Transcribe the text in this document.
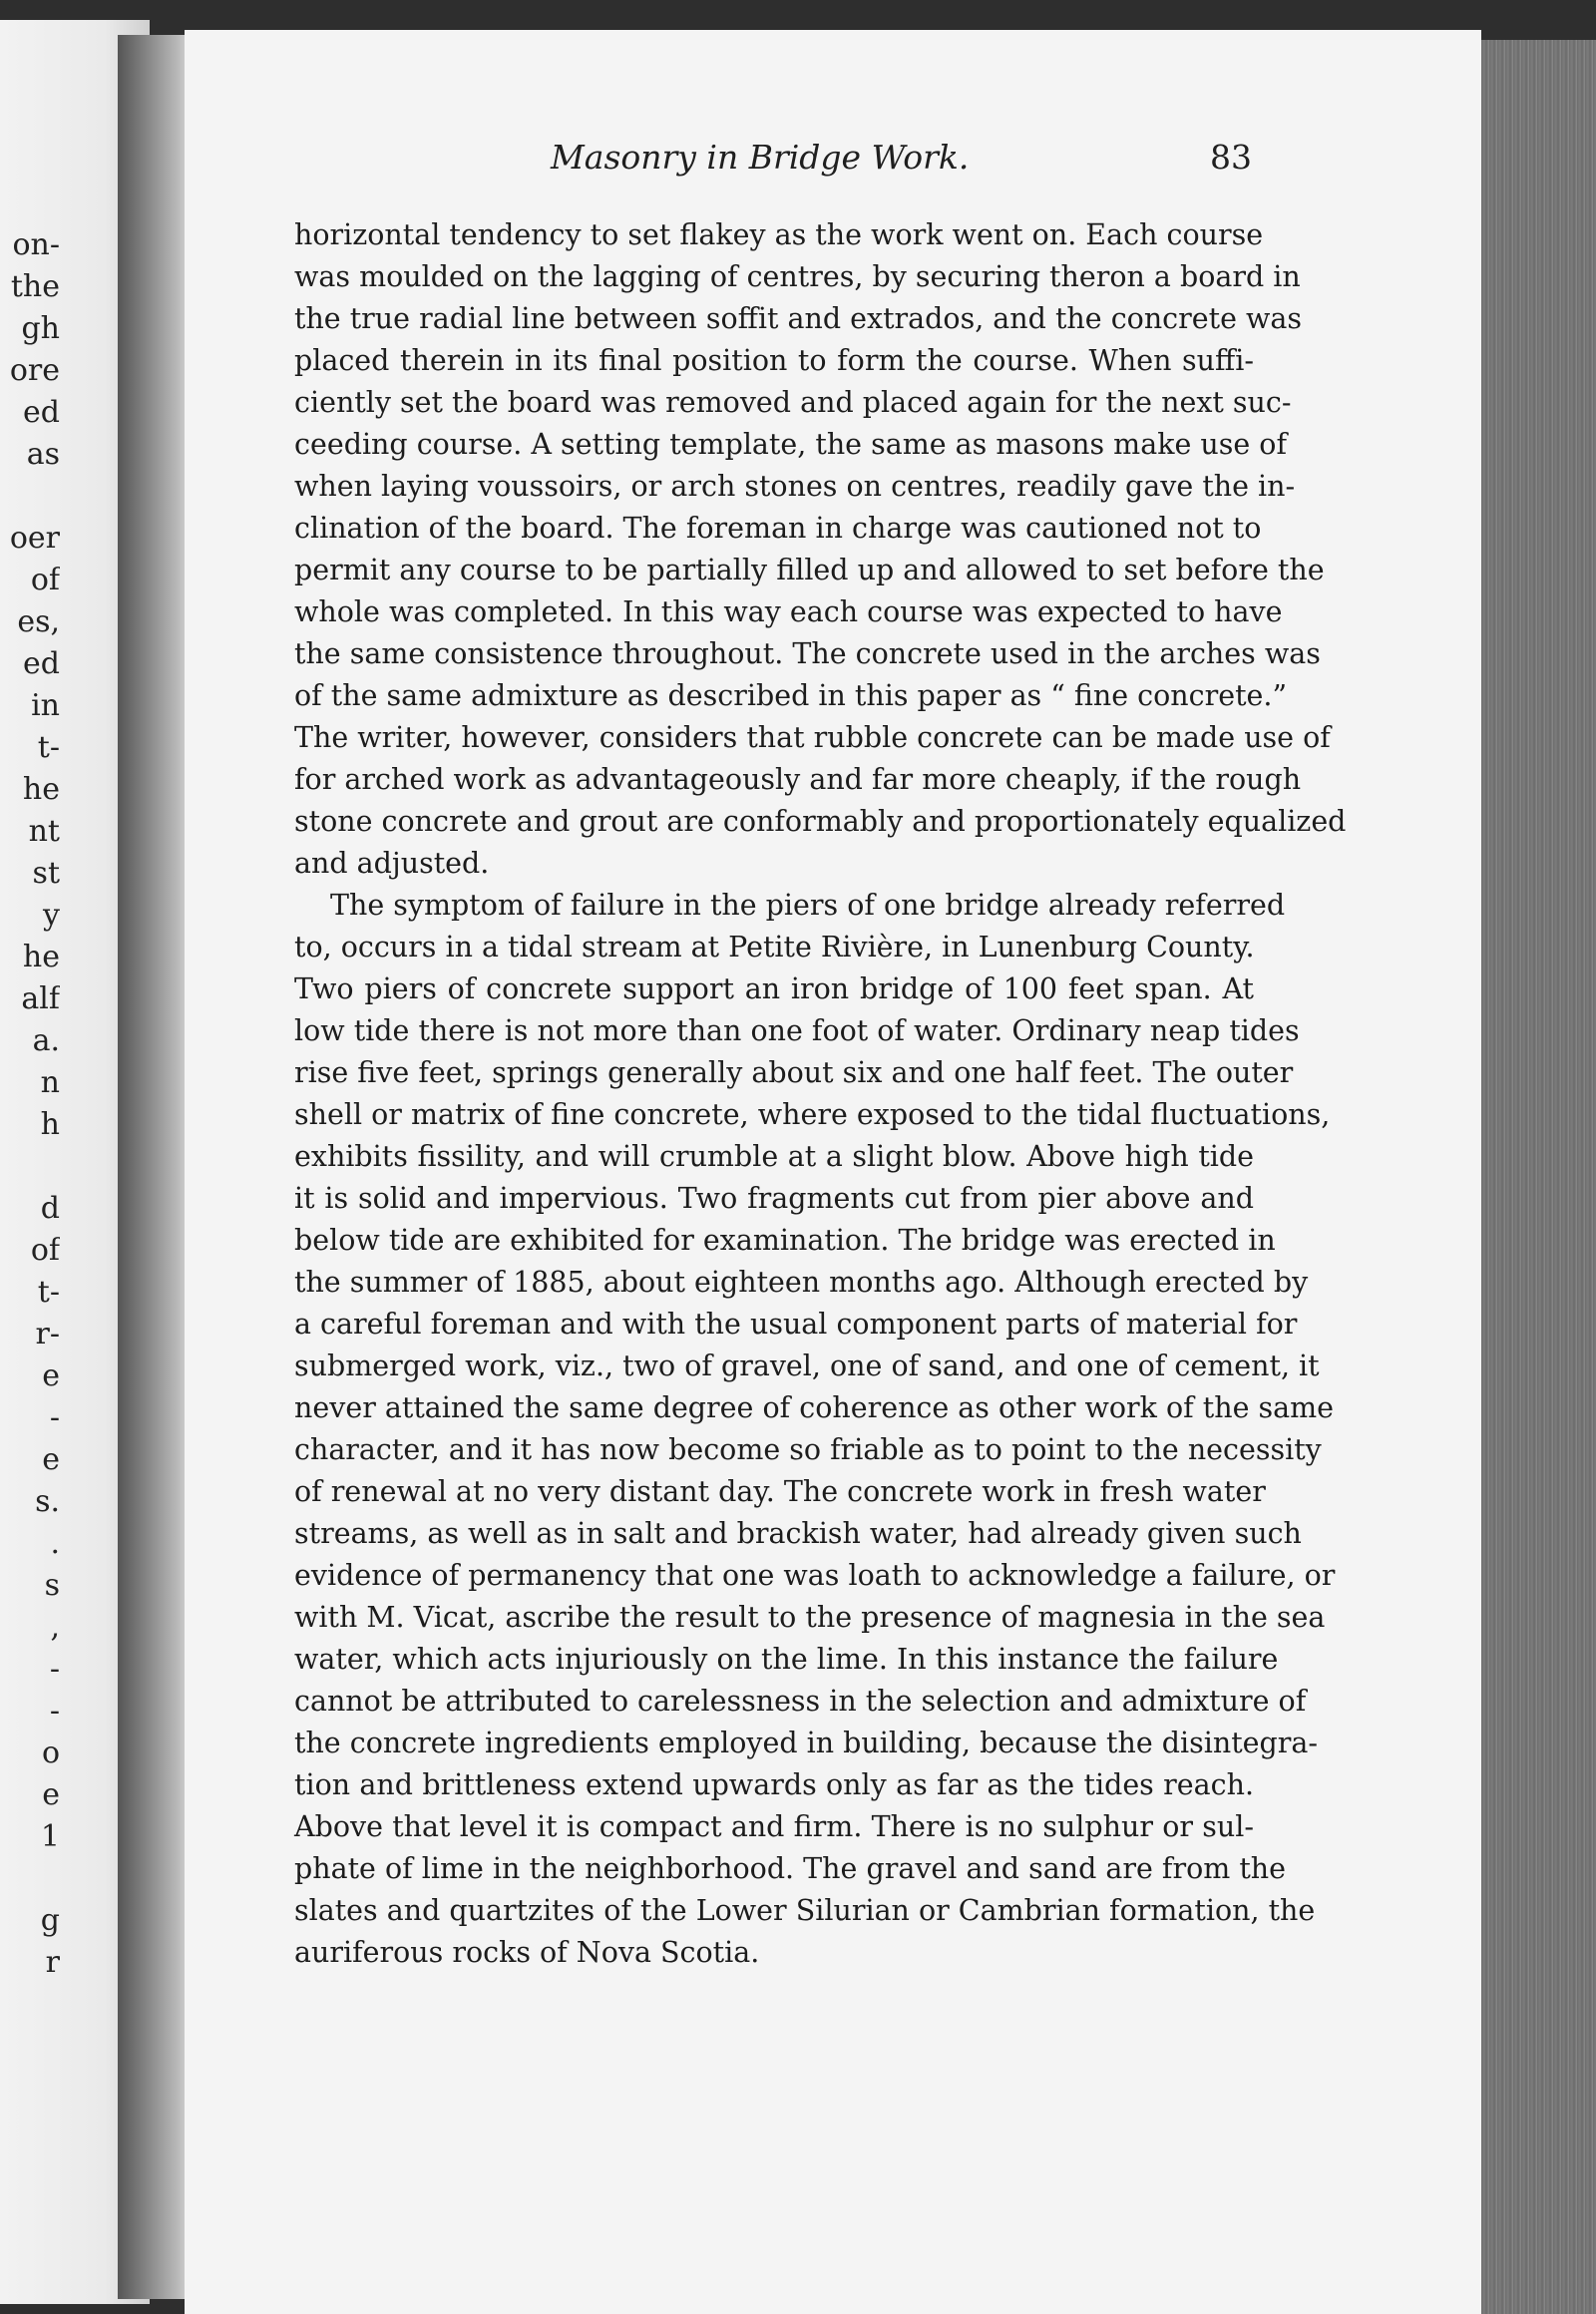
on-
the
gh
ore
ed
as
oer
of
es,
ed
in
t-
he
nt
st
y
he
alf
a.
n
h
d
of
t-
r-
e
-
e
s.
.
s
,
-
-
o
e
1
g
r
Masonry in Bridge Work.	83
horizontal tendency to set flakey as the work went on. Each course
was moulded on the lagging of centres, by securing theron a board in
the true radial line between soffit and extrados, and the concrete was
placed therein in its final position to form the course. When suffi-
ciently set the board was removed and placed again for the next suc-
ceeding course. A setting template, the same as masons make use of
when laying voussoirs, or arch stones on centres, readily gave the in-
clination of the board. The foreman in charge was cautioned not to
permit any course to be partially filled up and allowed to set before the
whole was completed. In this way each course was expected to have
the same consistence throughout. The concrete used in the arches was
of the same admixture as described in this paper as “ fine concrete.”
The writer, however, considers that rubble concrete can be made use of
for arched work as advantageously and far more cheaply, if the rough
stone concrete and grout are conformably and proportionately equalized
and adjusted.
The symptom of failure in the piers of one bridge already referred
to, occurs in a tidal stream at Petite Rivière, in Lunenburg County.
Two piers of concrete support an iron bridge of 100 feet span. At
low tide there is not more than one foot of water. Ordinary neap tides
rise five feet, springs generally about six and one half feet. The outer
shell or matrix of fine concrete, where exposed to the tidal fluctuations,
exhibits fissility, and will crumble at a slight blow. Above high tide
it is solid and impervious. Two fragments cut from pier above and
below tide are exhibited for examination. The bridge was erected in
the summer of 1885, about eighteen months ago. Although erected by
a careful foreman and with the usual component parts of material for
submerged work, viz., two of gravel, one of sand, and one of cement, it
never attained the same degree of coherence as other work of the same
character, and it has now become so friable as to point to the necessity
of renewal at no very distant day. The concrete work in fresh water
streams, as well as in salt and brackish water, had already given such
evidence of permanency that one was loath to acknowledge a failure, or
with M. Vicat, ascribe the result to the presence of magnesia in the sea
water, which acts injuriously on the lime. In this instance the failure
cannot be attributed to carelessness in the selection and admixture of
the concrete ingredients employed in building, because the disintegra-
tion and brittleness extend upwards only as far as the tides reach.
Above that level it is compact and firm. There is no sulphur or sul-
phate of lime in the neighborhood. The gravel and sand are from the
slates and quartzites of the Lower Silurian or Cambrian formation, the
auriferous rocks of Nova Scotia.
